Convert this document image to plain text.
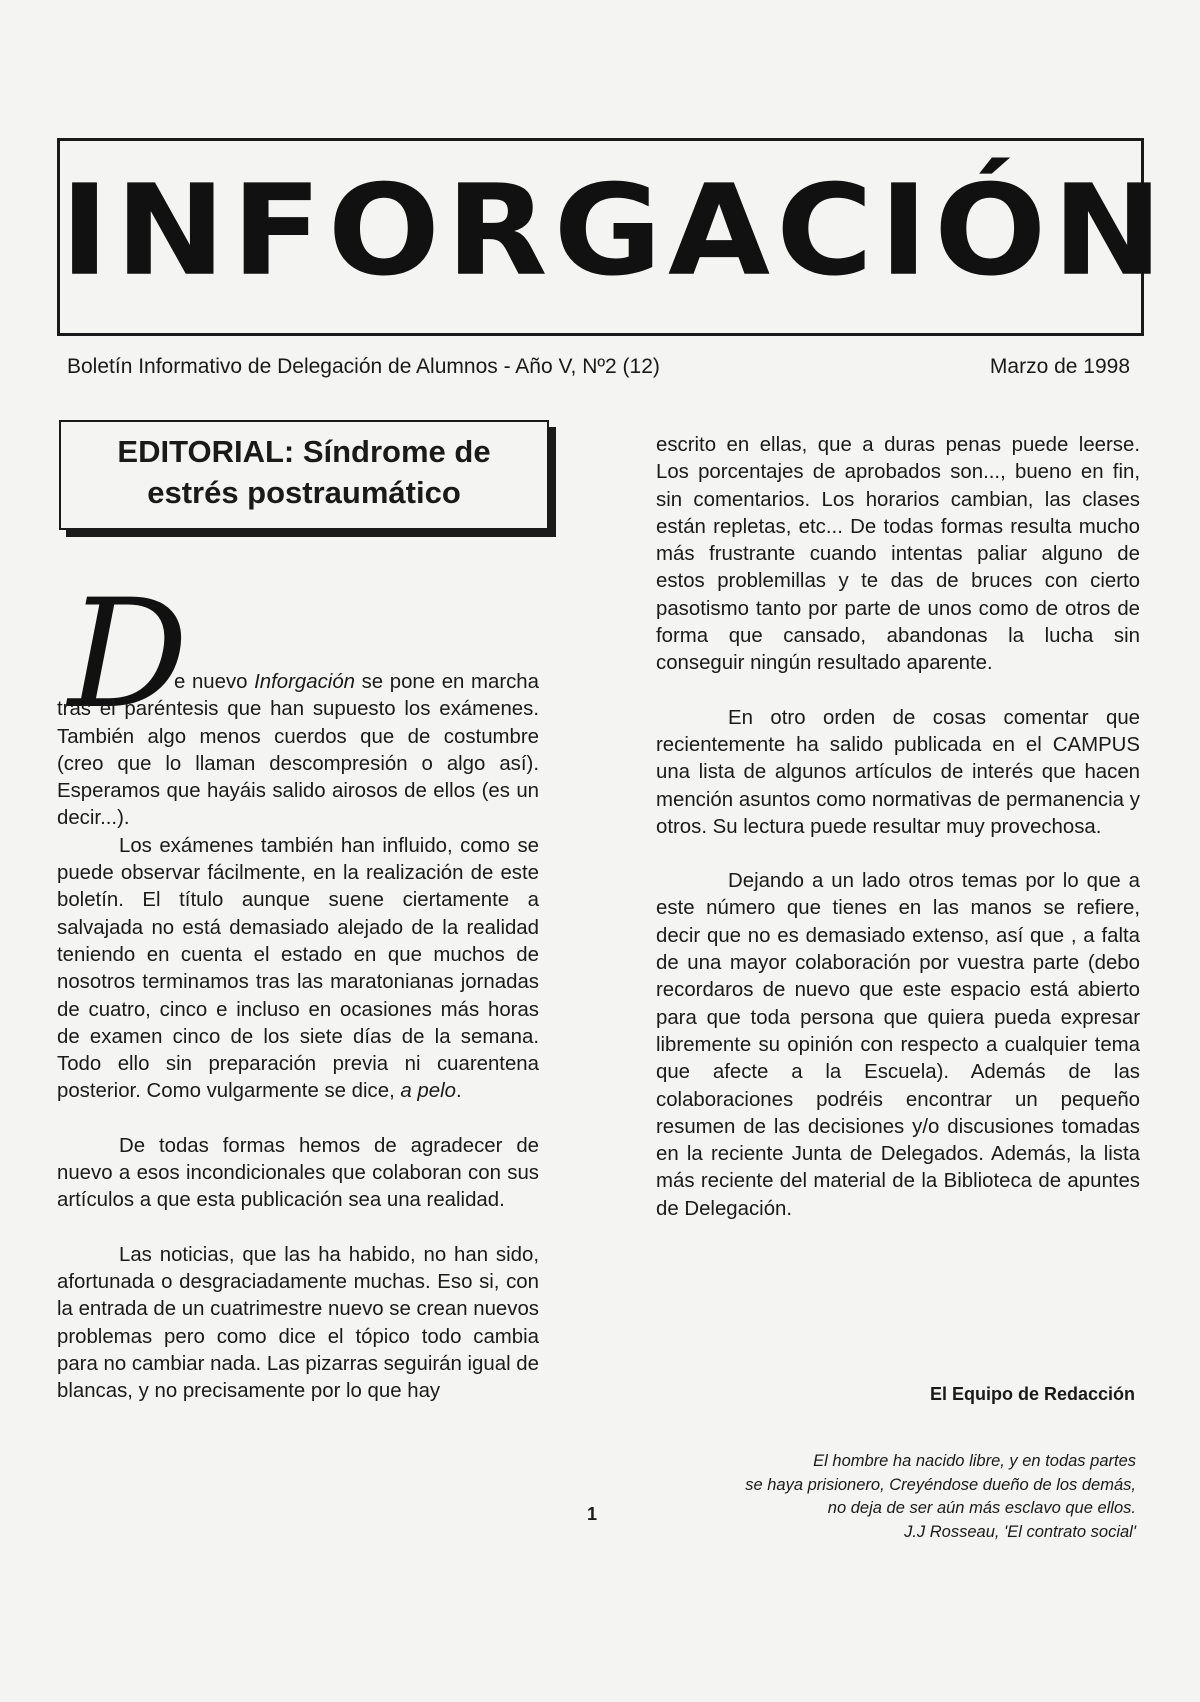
INFORGACIÓN
Boletín Informativo de Delegación de Alumnos - Año V, Nº2 (12)	Marzo de 1998
EDITORIAL: Síndrome de
estrés postraumático
D

e nuevo Inforgación se pone en marcha tras el paréntesis que han supuesto los exámenes. También algo menos cuerdos que de costumbre (creo que lo llaman descompresión o algo así). Esperamos que hayáis salido airosos de ellos (es un decir...).

Los exámenes también han influido, como se puede observar fácilmente, en la realización de este boletín. El título aunque suene ciertamente a salvajada no está demasiado alejado de la realidad teniendo en cuenta el estado en que muchos de nosotros terminamos tras las maratonianas jornadas de cuatro, cinco e incluso en ocasiones más horas de examen cinco de los siete días de la semana. Todo ello sin preparación previa ni cuarentena posterior. Como vulgarmente se dice, a pelo.

De todas formas hemos de agradecer de nuevo a esos incondicionales que colaboran con sus artículos a que esta publicación sea una realidad.

Las noticias, que las ha habido, no han sido, afortunada o desgraciadamente muchas. Eso si, con la entrada de un cuatrimestre nuevo se crean nuevos problemas pero como dice el tópico todo cambia para no cambiar nada. Las pizarras seguirán igual de blancas, y no precisamente por lo que hay

escrito en ellas, que a duras penas puede leerse. Los porcentajes de aprobados son..., bueno en fin, sin comentarios. Los horarios cambian, las clases están repletas, etc... De todas formas resulta mucho más frustrante cuando intentas paliar alguno de estos problemillas y te das de bruces con cierto pasotismo tanto por parte de unos como de otros de forma que cansado, abandonas la lucha sin conseguir ningún resultado aparente.

En otro orden de cosas comentar que recientemente ha salido publicada en el CAMPUS una lista de algunos artículos de interés que hacen mención asuntos como normativas de permanencia y otros. Su lectura puede resultar muy provechosa.

Dejando a un lado otros temas por lo que a este número que tienes en las manos se refiere, decir que no es demasiado extenso, así que , a falta de una mayor colaboración por vuestra parte (debo recordaros de nuevo que este espacio está abierto para que toda persona que quiera pueda expresar libremente su opinión con respecto a cualquier tema que afecte a la Escuela). Además de las colaboraciones podréis encontrar un pequeño resumen de las decisiones y/o discusiones tomadas en la reciente Junta de Delegados. Además, la lista más reciente del material de la Biblioteca de apuntes de Delegación.

El Equipo de Redacción
El hombre ha nacido libre, y en todas partes
se haya prisionero, Creyéndose dueño de los demás,
no deja de ser aún más esclavo que ellos.
J.J Rosseau, 'El contrato social'
1
